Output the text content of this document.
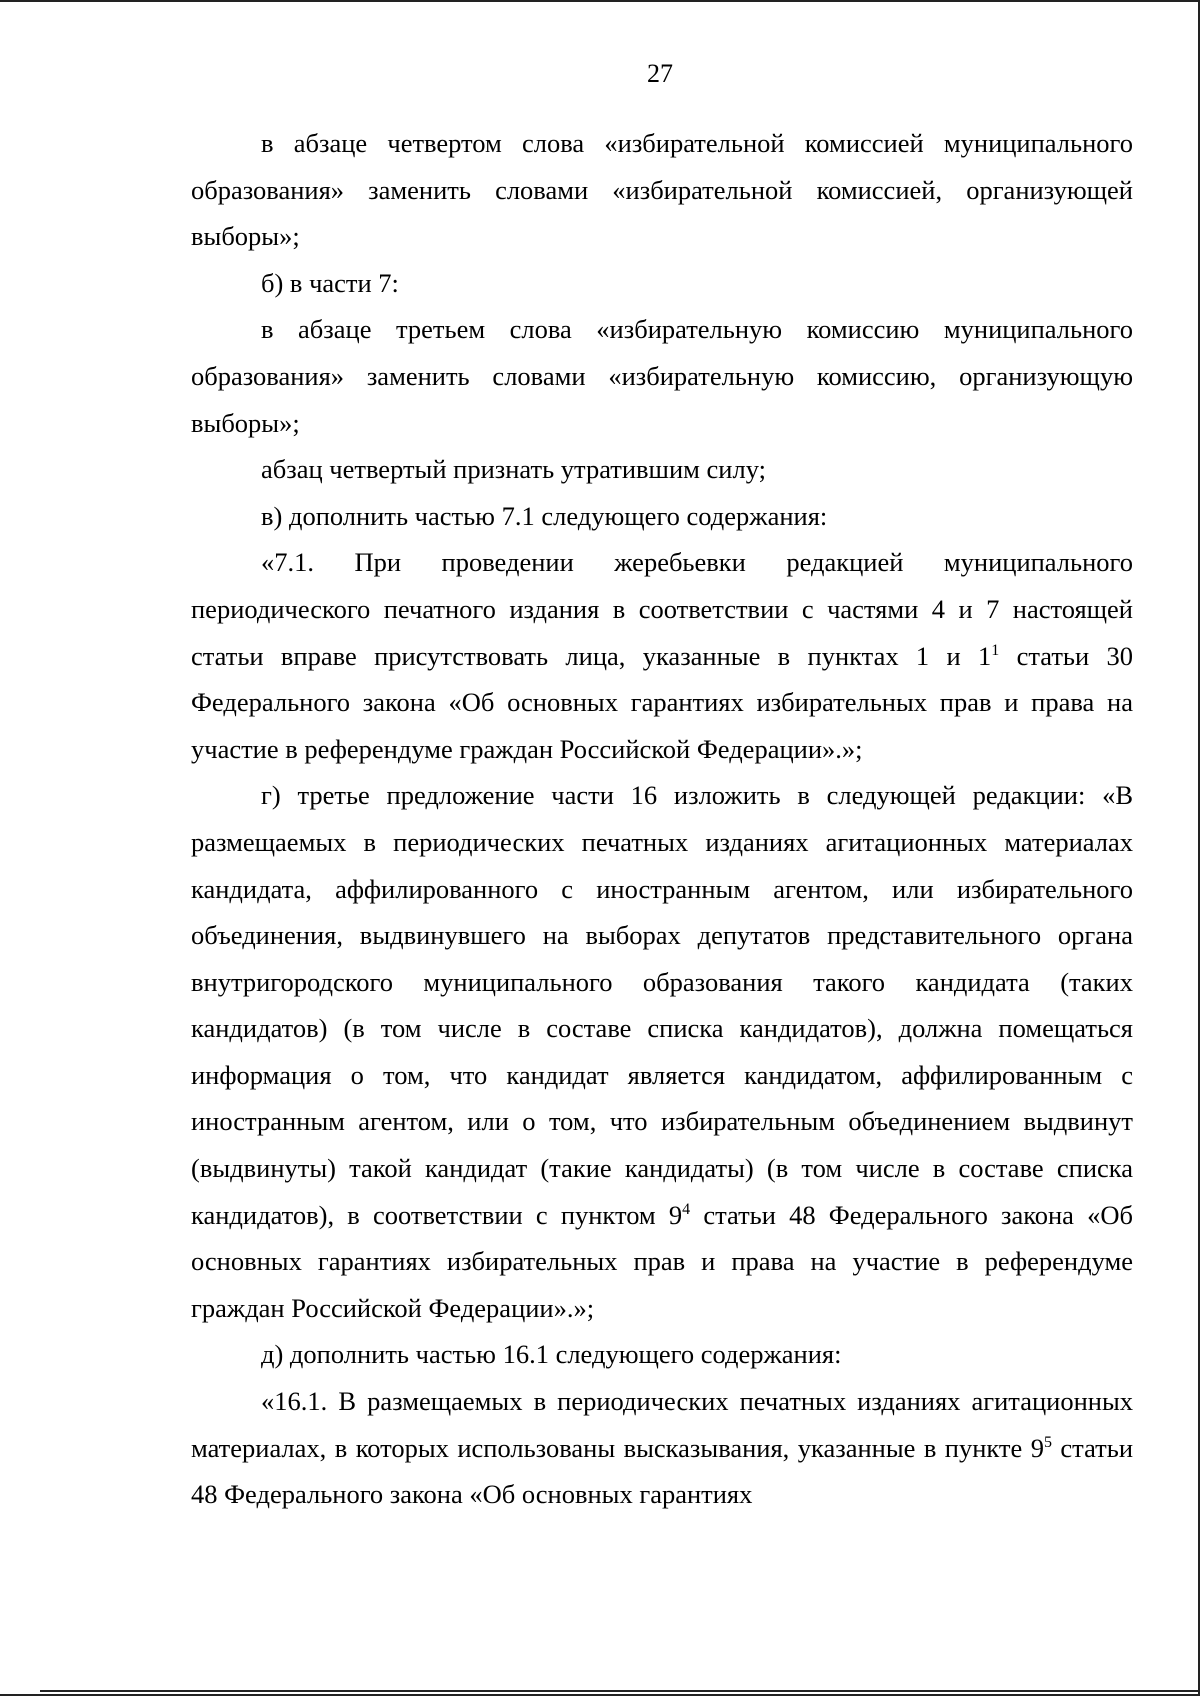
27

в абзаце четвертом слова «избирательной комиссией муниципального образования» заменить словами «избирательной комиссией, организующей выборы»;

б) в части 7:

в абзаце третьем слова «избирательную комиссию муниципального образования» заменить словами «избирательную комиссию, организующую выборы»;

абзац четвертый признать утратившим силу;

в) дополнить частью 7.1 следующего содержания:

«7.1. При проведении жеребьевки редакцией муниципального периодического печатного издания в соответствии с частями 4 и 7 настоящей статьи вправе присутствовать лица, указанные в пунктах 1 и $1^1$ статьи 30 Федерального закона «Об основных гарантиях избирательных прав и права на участие в референдуме граждан Российской Федерации».»;

г) третье предложение части 16 изложить в следующей редакции: «В размещаемых в периодических печатных изданиях агитационных материалах кандидата, аффилированного с иностранным агентом, или избирательного объединения, выдвинувшего на выборах депутатов представительного органа внутригородского муниципального образования такого кандидата (таких кандидатов) (в том числе в составе списка кандидатов), должна помещаться информация о том, что кандидат является кандидатом, аффилированным с иностранным агентом, или о том, что избирательным объединением выдвинут (выдвинуты) такой кандидат (такие кандидаты) (в том числе в составе списка кандидатов), в соответствии с пунктом $9^4$ статьи 48 Федерального закона «Об основных гарантиях избирательных прав и права на участие в референдуме граждан Российской Федерации».»;

д) дополнить частью 16.1 следующего содержания:

«16.1. В размещаемых в периодических печатных изданиях агитационных материалах, в которых использованы высказывания, указанные в пункте $9^5$ статьи 48 Федерального закона «Об основных гарантиях
